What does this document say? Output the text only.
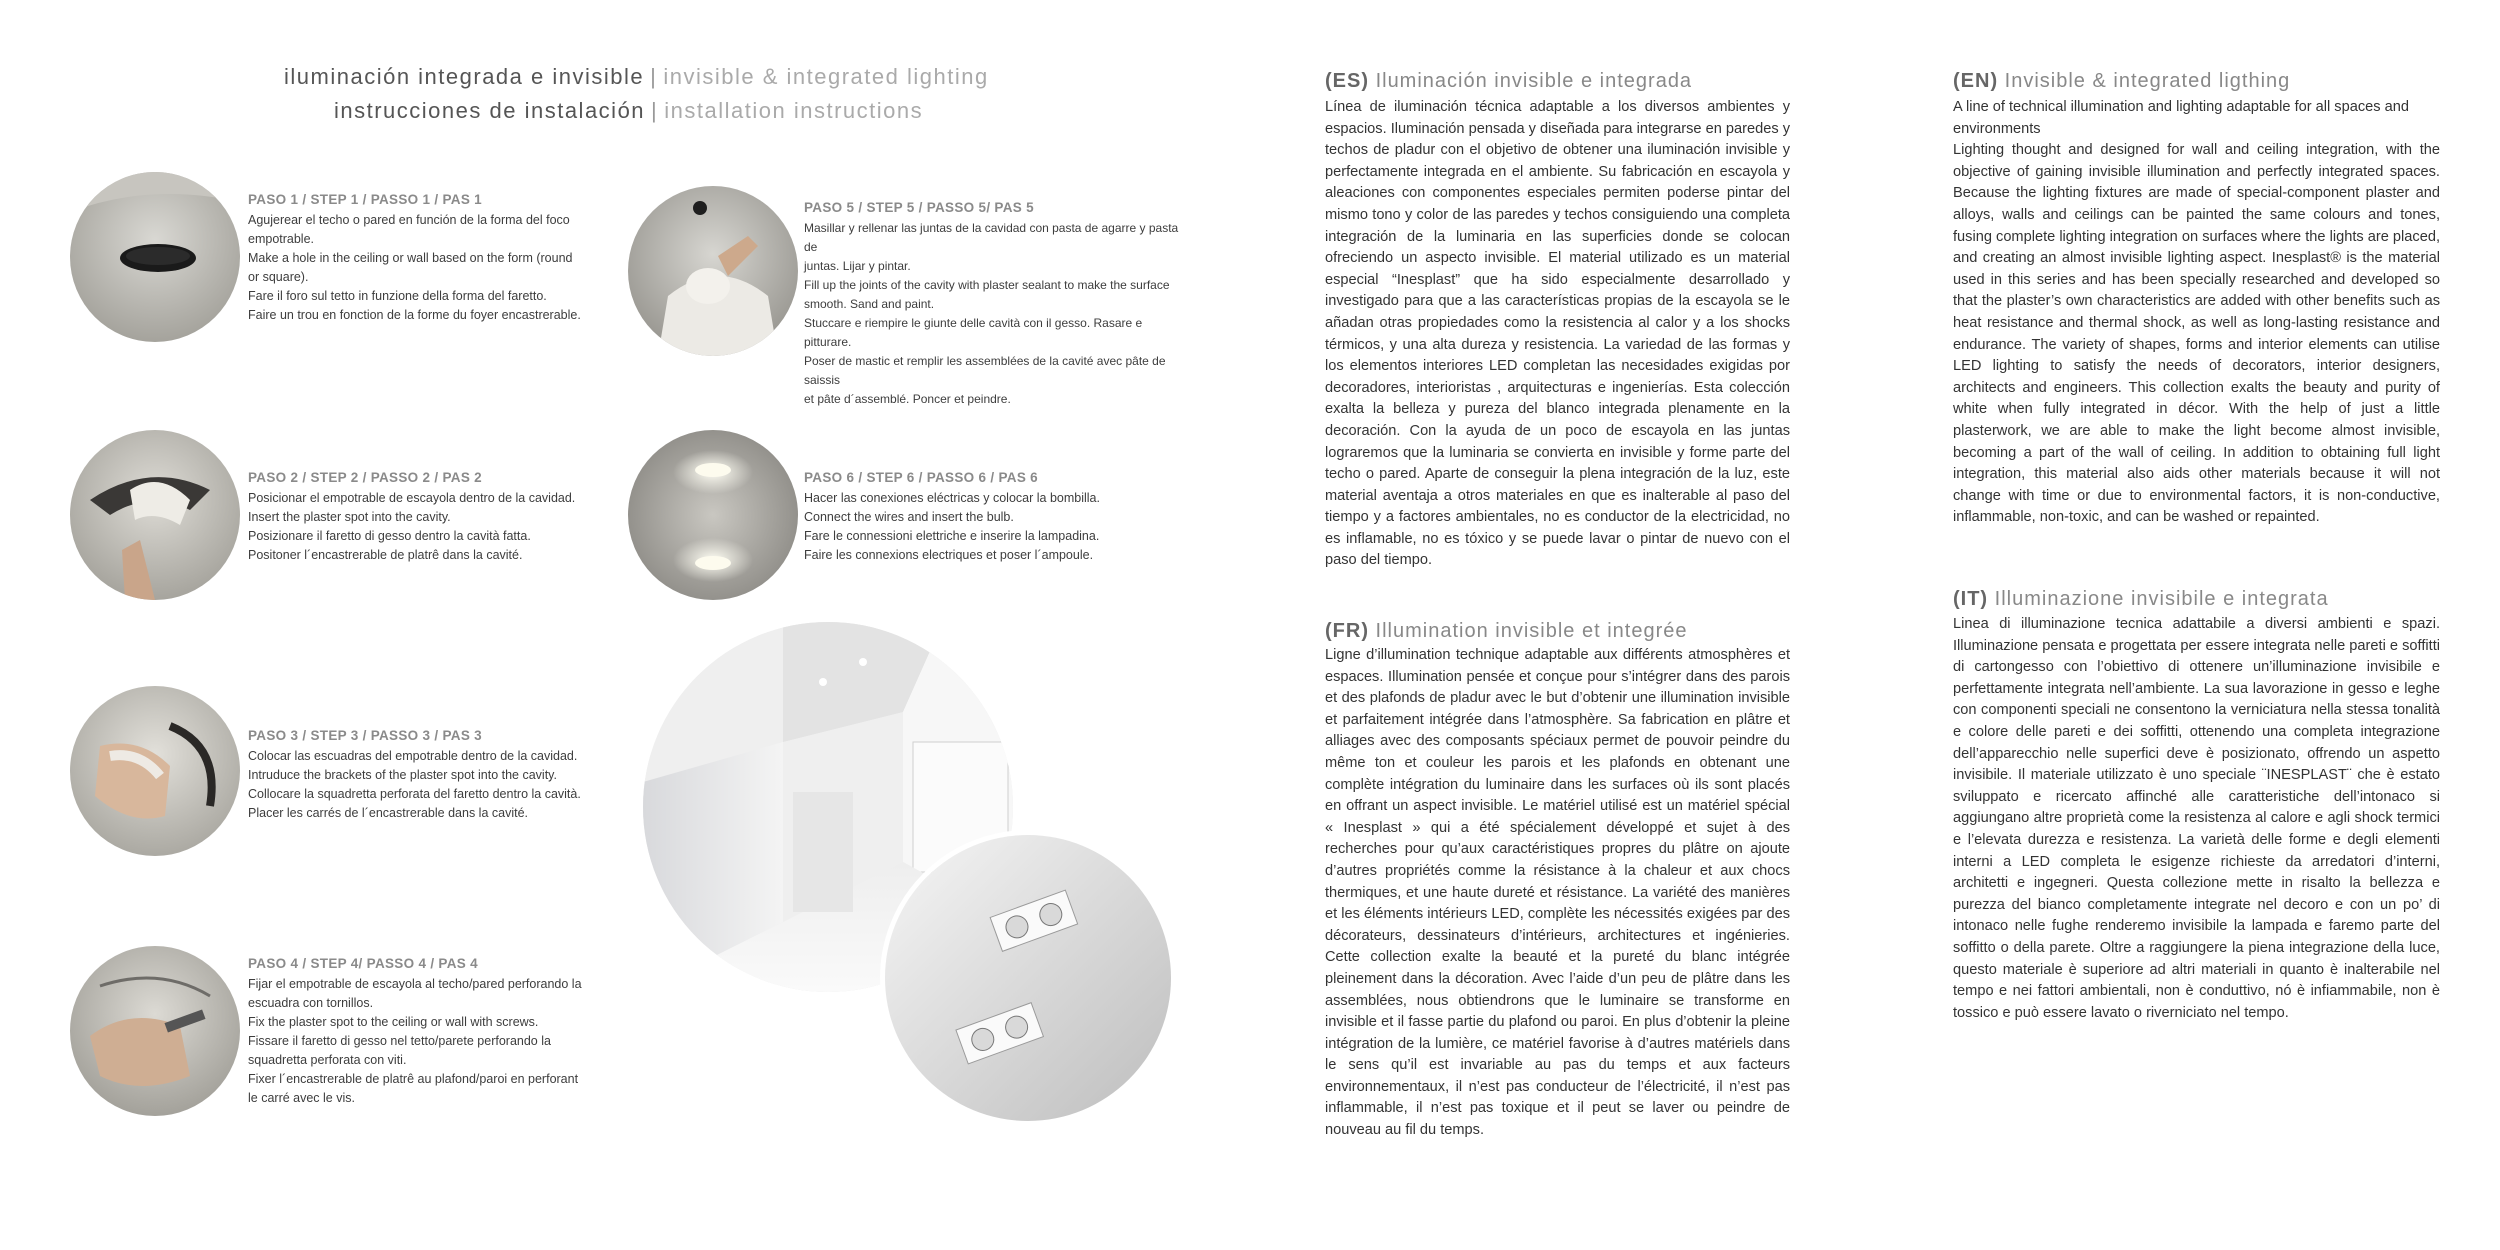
iluminación integrada e invisible | invisible & integrated lighting
instrucciones de instalación | installation instructions
PASO 1 / STEP 1 / PASSO 1 / PAS 1
Agujerear el techo o pared en función de la forma del foco
empotrable.
Make a hole in the ceiling or wall based on the form (round
or square).
Fare il foro sul tetto in funzione della forma del faretto.
Faire un trou en fonction de la forme du foyer encastrerable.
PASO 2 / STEP 2 / PASSO 2 / PAS 2
Posicionar el empotrable de escayola dentro de la cavidad.
Insert the plaster spot into the cavity.
Posizionare il faretto di gesso dentro la cavità fatta.
Positoner l´encastrerable de platrê dans la cavité.
PASO 3 / STEP 3 / PASSO 3 / PAS 3
Colocar las escuadras del empotrable dentro de la cavidad.
Intruduce the brackets of the plaster spot into the cavity.
Collocare la squadretta perforata del faretto dentro la cavità.
Placer les carrés de l´encastrerable dans la cavité.
PASO 4 / STEP 4/ PASSO 4 / PAS 4
Fijar el empotrable de escayola al techo/pared perforando la
escuadra con tornillos.
Fix the plaster spot to the ceiling or wall with screws.
Fissare il faretto di gesso nel tetto/parete perforando la
squadretta perforata con viti.
Fixer l´encastrerable de platrê au plafond/paroi en perforant
le carré avec le vis.
PASO 5 / STEP 5 / PASSO 5/ PAS 5
Masillar y rellenar las juntas de la cavidad con pasta de agarre y pasta de
juntas. Lijar y pintar.
Fill up the joints of the cavity with plaster sealant to make the surface
smooth. Sand and paint.
Stuccare e riempire le giunte delle cavità con il gesso. Rasare e pitturare.
Poser de mastic et remplir les assemblées de la cavité avec pâte de saissis
et pâte d´assemblé. Poncer et peindre.
PASO 6 / STEP 6 / PASSO 6 / PAS 6
Hacer las conexiones eléctricas y colocar la bombilla.
Connect the wires and insert the bulb.
Fare le connessioni elettriche e inserire la lampadina.
Faire les connexions electriques et poser l´ampoule.
(ES) Iluminación invisible e integrada

Línea de iluminación técnica adaptable a los diversos ambientes y espacios. Iluminación pensada y diseñada para integrarse en paredes y techos de pladur con el objetivo de obtener una iluminación invisible y perfectamente integrada en el ambiente. Su fabricación en escayola y aleaciones con componentes especiales permiten poderse pintar del mismo tono y color de las paredes y techos consiguiendo una completa integración de la luminaria en las superficies donde se colocan ofreciendo un aspecto invisible. El material utilizado es un material especial “Inesplast” que ha sido especialmente desarrollado y investigado para que a las características propias de la escayola se le añadan otras propiedades como la resistencia al calor y a los shocks térmicos, y una alta dureza y resistencia. La variedad de las formas y los elementos interiores LED completan las necesidades exigidas por decoradores, interioristas , arquitecturas e ingenierías. Esta colección exalta la belleza y pureza del blanco integrada plenamente en la decoración. Con la ayuda de un poco de escayola en las juntas lograremos que la luminaria se convierta en invisible y forme parte del techo o pared. Aparte de conseguir la plena integración de la luz, este material aventaja a otros materiales en que es inalterable al paso del tiempo y a factores ambientales, no es conductor de la electricidad, no es inflamable, no es tóxico y se puede lavar o pintar de nuevo con el paso del tiempo.

(FR) Illumination invisible et integrée

Ligne d’illumination technique adaptable aux différents atmosphères et espaces. Illumination pensée et conçue pour s’intégrer dans des parois et des plafonds de pladur avec le but d’obtenir une illumination invisible et parfaitement intégrée dans l’atmosphère. Sa fabrication en plâtre et alliages avec des composants spéciaux permet de pouvoir peindre du même ton et couleur les parois et les plafonds en obtenant une complète intégration du luminaire dans les surfaces où ils sont placés en offrant un aspect invisible. Le matériel utilisé est un matériel spécial « Inesplast » qui a été spécialement développé et sujet à des recherches pour qu’aux caractéristiques propres du plâtre on ajoute d’autres propriétés comme la résistance à la chaleur et aux chocs thermiques, et une haute dureté et résistance. La variété des manières et les éléments intérieurs LED, complète les nécessités exigées par des décorateurs, dessinateurs d’intérieurs, architectures et ingénieries. Cette collection exalte la beauté et la pureté du blanc intégrée pleinement dans la décoration. Avec l’aide d’un peu de plâtre dans les assemblées, nous obtiendrons que le luminaire se transforme en invisible et il fasse partie du plafond ou paroi. En plus d’obtenir la pleine intégration de la lumière, ce matériel favorise à d’autres matériels dans le sens qu’il est invariable au pas du temps et aux facteurs environnementaux, il n’est pas conducteur de l’électricité, il n’est pas inflammable, il n’est pas toxique et il peut se laver ou peindre de nouveau au fil du temps.

(EN) Invisible & integrated ligthing

A line of technical illumination and lighting adaptable for all spaces and environments

Lighting thought and designed for wall and ceiling integration, with the objective of gaining invisible illumination and perfectly integrated spaces. Because the lighting fixtures are made of special-component plaster and alloys, walls and ceilings can be painted the same colours and tones, fusing complete lighting integration on surfaces where the lights are placed, and creating an almost invisible lighting aspect. Inesplast® is the material used in this series and has been specially researched and developed so that the plaster’s own characteristics are added with other benefits such as heat resistance and thermal shock, as well as long-lasting resistance and endurance. The variety of shapes, forms and interior elements can utilise LED lighting to satisfy the needs of decorators, interior designers, architects and engineers. This collection exalts the beauty and purity of white when fully integrated in décor. With the help of just a little plasterwork, we are able to make the light become almost invisible, becoming a part of the wall of ceiling. In addition to obtaining full light integration, this material also aids other materials because it will not change with time or due to environmental factors, it is non-conductive, inflammable, non-toxic, and can be washed or repainted.

(IT) Illuminazione invisibile e integrata

Linea di illuminazione tecnica adattabile a diversi ambienti e spazi. Illuminazione pensata e progettata per essere integrata nelle pareti e soffitti di cartongesso con l’obiettivo di ottenere un’illuminazione invisibile e perfettamente integrata nell’ambiente. La sua lavorazione in gesso e leghe con componenti speciali ne consentono la verniciatura nella stessa tonalità e colore delle pareti e dei soffitti, ottenendo una completa integrazione dell’apparecchio nelle superfici deve è posizionato, offrendo un aspetto invisibile. Il materiale utilizzato è uno speciale ¨INESPLAST¨ che è estato sviluppato e ricercato affinché alle caratteristiche dell’intonaco si aggiungano altre proprietà come la resistenza al calore e agli shock termici e l’elevata durezza e resistenza. La varietà delle forme e degli elementi interni a LED completa le esigenze richieste da arredatori d’interni, architetti e ingegneri. Questa collezione mette in risalto la bellezza e purezza del bianco completamente integrate nel decoro e con un po’ di intonaco nelle fughe renderemo invisibile la lampada e faremo parte del soffitto o della parete. Oltre a raggiungere la piena integrazione della luce, questo materiale è superiore ad altri materiali in quanto è inalterabile nel tempo e nei fattori ambientali, non è conduttivo, nó è infiammabile, non è tossico e può essere lavato o riverniciato nel tempo.
